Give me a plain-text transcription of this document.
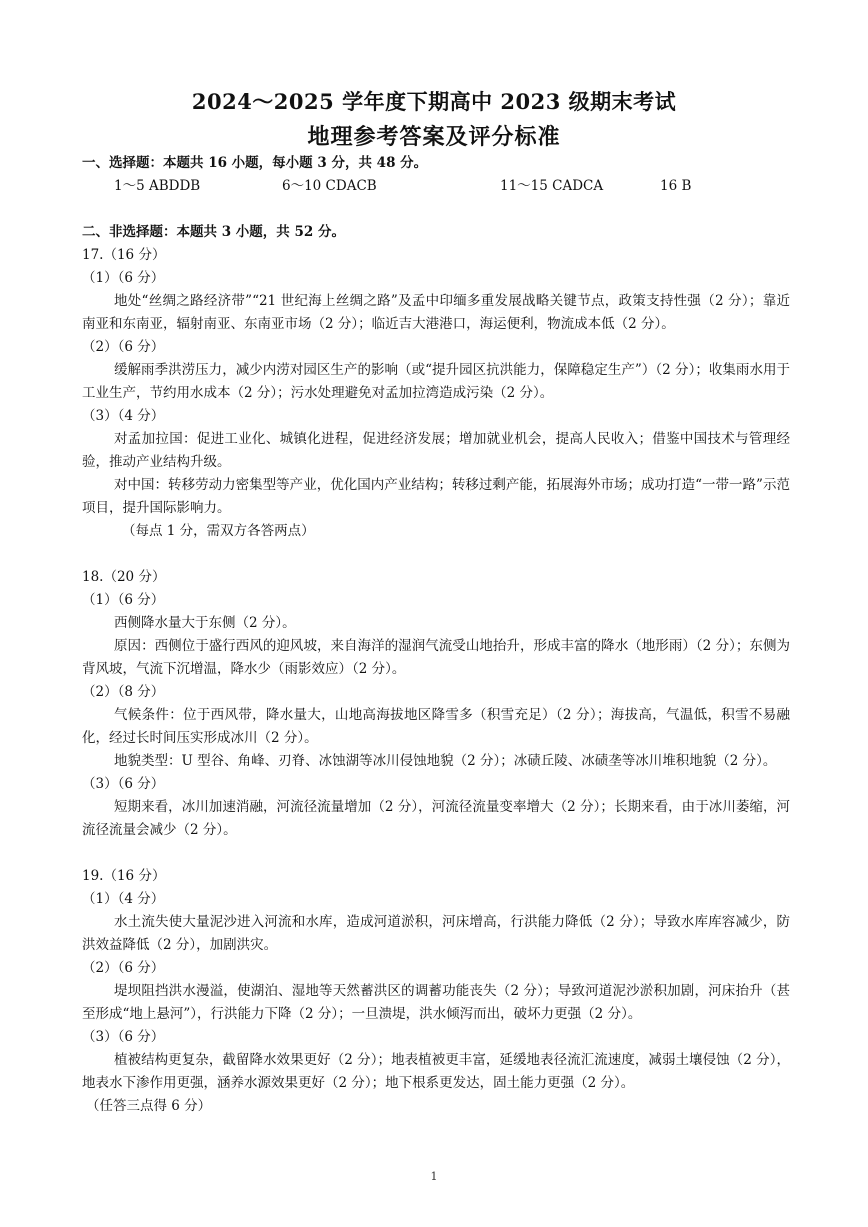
2024～2025 学年度下期高中 2023 级期末考试
地理参考答案及评分标准
一、选择题：本题共 16 小题，每小题 3 分，共 48 分。
1～5 ABDDB	6～10 CDACB	11～15 CADCA	16 B
二、非选择题：本题共 3 小题，共 52 分。
17.（16 分）
（1）（6 分）
地处“丝绸之路经济带”“21 世纪海上丝绸之路”及孟中印缅多重发展战略关键节点，政策支持性强（2 分）；靠近南亚和东南亚，辐射南亚、东南亚市场（2 分）；临近吉大港港口，海运便利，物流成本低（2 分）。
（2）（6 分）
缓解雨季洪涝压力，减少内涝对园区生产的影响（或“提升园区抗洪能力，保障稳定生产”）（2 分）；收集雨水用于工业生产，节约用水成本（2 分）；污水处理避免对孟加拉湾造成污染（2 分）。
（3）（4 分）
对孟加拉国：促进工业化、城镇化进程，促进经济发展；增加就业机会，提高人民收入；借鉴中国技术与管理经验，推动产业结构升级。
对中国：转移劳动力密集型等产业，优化国内产业结构；转移过剩产能，拓展海外市场；成功打造“一带一路”示范项目，提升国际影响力。
（每点 1 分，需双方各答两点）
18.（20 分）
（1）（6 分）
西侧降水量大于东侧（2 分）。
原因：西侧位于盛行西风的迎风坡，来自海洋的湿润气流受山地抬升，形成丰富的降水（地形雨）（2 分）；东侧为背风坡，气流下沉增温，降水少（雨影效应）（2 分）。
（2）（8 分）
气候条件：位于西风带，降水量大，山地高海拔地区降雪多（积雪充足）（2 分）；海拔高，气温低，积雪不易融化，经过长时间压实形成冰川（2 分）。
地貌类型：U 型谷、角峰、刃脊、冰蚀湖等冰川侵蚀地貌（2 分）；冰碛丘陵、冰碛垄等冰川堆积地貌（2 分）。
（3）（6 分）
短期来看，冰川加速消融，河流径流量增加（2 分），河流径流量变率增大（2 分）；长期来看，由于冰川萎缩，河流径流量会减少（2 分）。
19.（16 分）
（1）（4 分）
水土流失使大量泥沙进入河流和水库，造成河道淤积，河床增高，行洪能力降低（2 分）；导致水库库容减少，防洪效益降低（2 分），加剧洪灾。
（2）（6 分）
堤坝阻挡洪水漫溢，使湖泊、湿地等天然蓄洪区的调蓄功能丧失（2 分）；导致河道泥沙淤积加剧，河床抬升（甚至形成“地上悬河”），行洪能力下降（2 分）；一旦溃堤，洪水倾泻而出，破坏力更强（2 分）。
（3）（6 分）
植被结构更复杂，截留降水效果更好（2 分）；地表植被更丰富，延缓地表径流汇流速度，减弱土壤侵蚀（2 分），地表水下渗作用更强，涵养水源效果更好（2 分）；地下根系更发达，固土能力更强（2 分）。
（任答三点得 6 分）
1
